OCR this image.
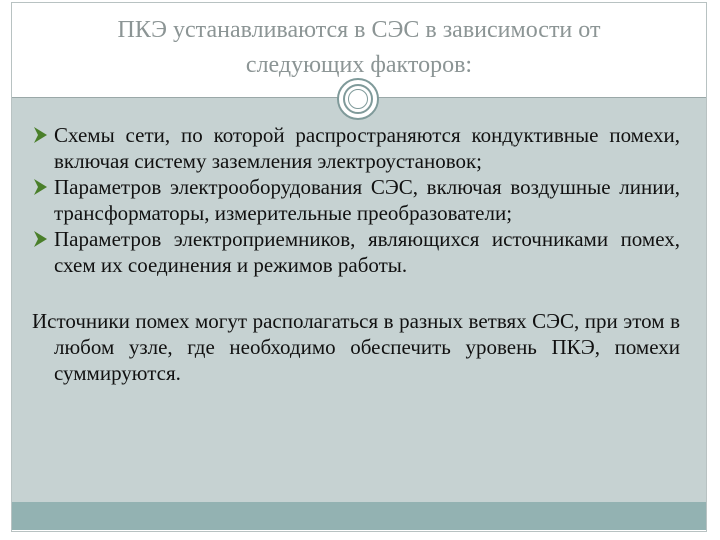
ПКЭ устанавливаются в СЭС в зависимости от
следующих факторов:
Схемы сети, по которой распространяются кондуктивные помехи, включая систему заземления электроустановок;
Параметров электрооборудования СЭС, включая воздушные линии, трансформаторы, измерительные преобразователи;
Параметров электроприемников, являющихся источниками помех, схем их соединения и режимов работы.
Источники помех могут располагаться в разных ветвях СЭС, при этом в любом узле, где необходимо обеспечить уровень ПКЭ, помехи суммируются.
